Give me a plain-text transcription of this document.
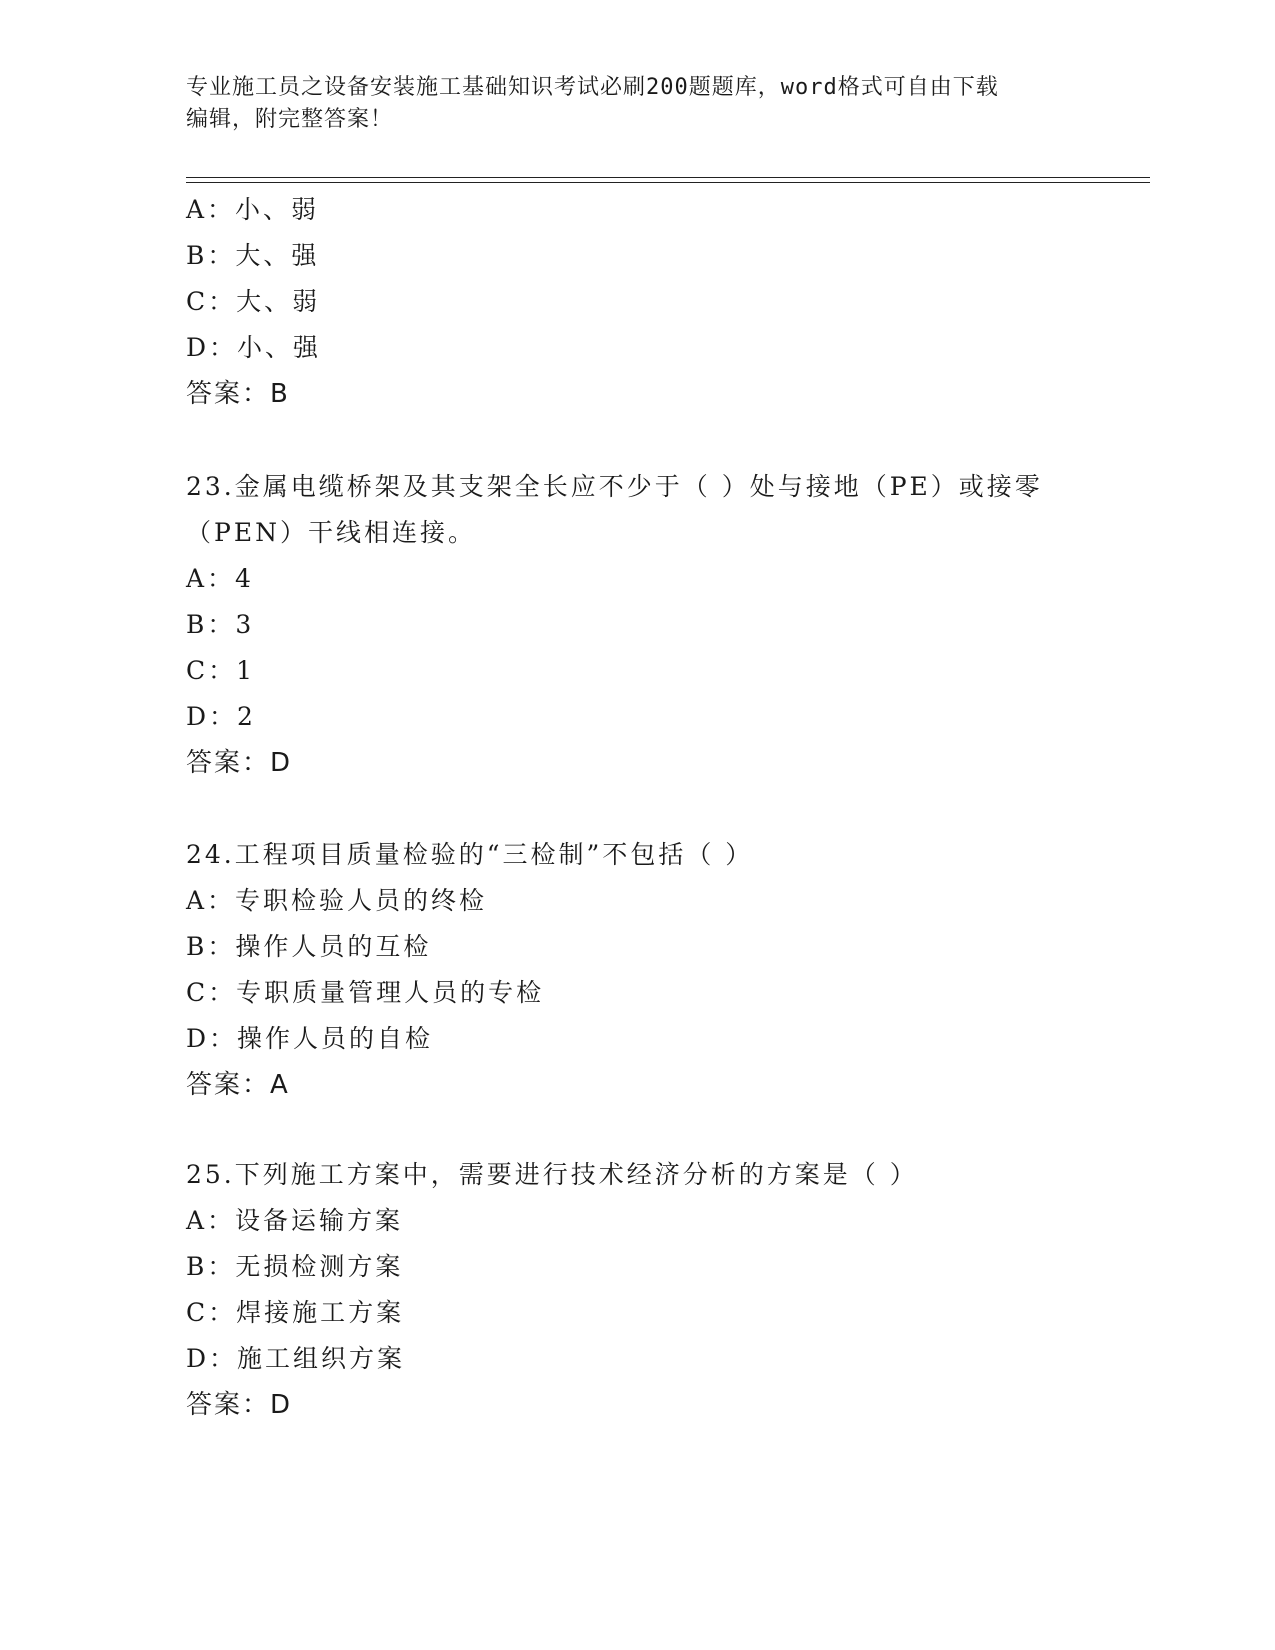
专业施工员之设备安装施工基础知识考试必刷200题题库，word格式可自由下载
编辑，附完整答案！
A：小、弱
B：大、强
C：大、弱
D：小、强
答案：B
23.金属电缆桥架及其支架全长应不少于（ ）处与接地（PE）或接零
（PEN）干线相连接。
A：4
B：3
C：1
D：2
答案：D
24.工程项目质量检验的“三检制”不包括（ ）
A：专职检验人员的终检
B：操作人员的互检
C：专职质量管理人员的专检
D：操作人员的自检
答案：A
25.下列施工方案中，需要进行技术经济分析的方案是（ ）
A：设备运输方案
B：无损检测方案
C：焊接施工方案
D：施工组织方案
答案：D
